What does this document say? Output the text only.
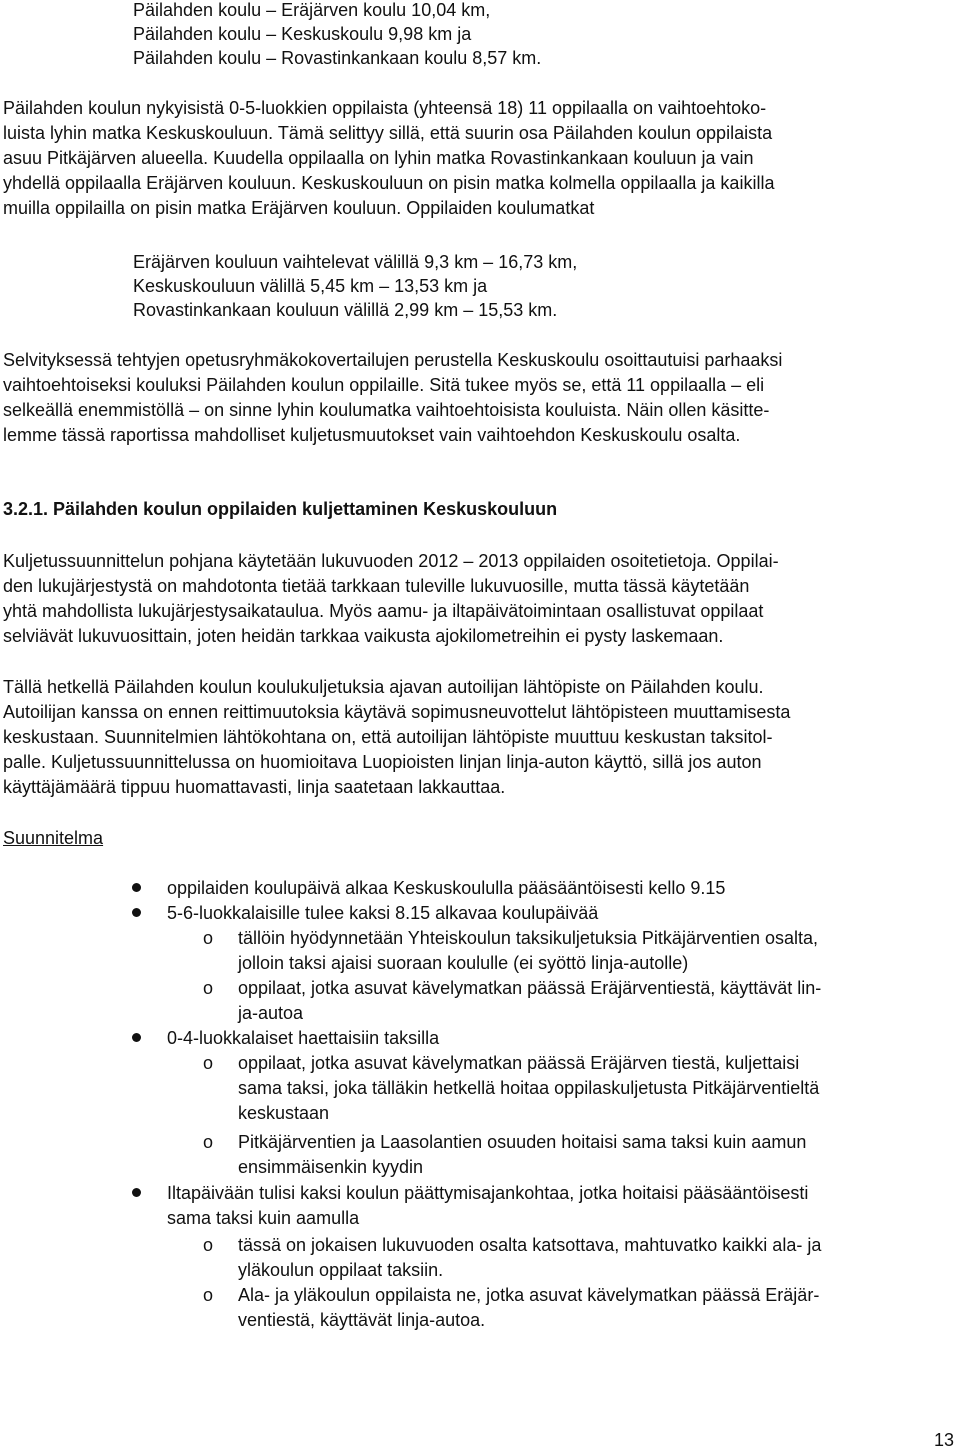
Päilahden koulu – Eräjärven koulu 10,04 km,
Päilahden koulu – Keskuskoulu 9,98 km ja
Päilahden koulu – Rovastinkankaan koulu 8,57 km.
Päilahden koulun nykyisistä 0-5-luokkien oppilaista (yhteensä 18) 11 oppilaalla on vaihtoehtoko-
luista lyhin matka Keskuskouluun. Tämä selittyy sillä, että suurin osa Päilahden koulun oppilaista
asuu Pitkäjärven alueella. Kuudella oppilaalla on lyhin matka Rovastinkankaan kouluun ja vain
yhdellä oppilaalla Eräjärven kouluun. Keskuskouluun on pisin matka kolmella oppilaalla ja kaikilla
muilla oppilailla on pisin matka Eräjärven kouluun. Oppilaiden koulumatkat
Eräjärven kouluun vaihtelevat välillä 9,3 km – 16,73 km,
Keskuskouluun välillä 5,45 km – 13,53 km ja
Rovastinkankaan kouluun välillä 2,99 km – 15,53 km.
Selvityksessä tehtyjen opetusryhmäkokovertailujen perustella Keskuskoulu osoittautuisi parhaaksi
vaihtoehtoiseksi kouluksi Päilahden koulun oppilaille. Sitä tukee myös se, että 11 oppilaalla – eli
selkeällä enemmistöllä – on sinne lyhin koulumatka vaihtoehtoisista kouluista. Näin ollen käsitte-
lemme tässä raportissa mahdolliset kuljetusmuutokset vain vaihtoehdon Keskuskoulu osalta.
3.2.1. Päilahden koulun oppilaiden kuljettaminen Keskuskouluun
Kuljetussuunnittelun pohjana käytetään lukuvuoden 2012 – 2013 oppilaiden osoitetietoja. Oppilai-
den lukujärjestystä on mahdotonta tietää tarkkaan tuleville lukuvuosille, mutta tässä käytetään
yhtä mahdollista lukujärjestysaikataulua. Myös aamu- ja iltapäivätoimintaan osallistuvat oppilaat
selviävät lukuvuosittain, joten heidän tarkkaa vaikusta ajokilometreihin ei pysty laskemaan.
Tällä hetkellä Päilahden koulun koulukuljetuksia ajavan autoilijan lähtöpiste on Päilahden koulu.
Autoilijan kanssa on ennen reittimuutoksia käytävä sopimusneuvottelut lähtöpisteen muuttamisesta
keskustaan. Suunnitelmien lähtökohtana on, että autoilijan lähtöpiste muuttuu keskustan taksitol-
palle. Kuljetussuunnittelussa on huomioitava Luopioisten linjan linja-auton käyttö, sillä jos auton
käyttäjämäärä tippuu huomattavasti, linja saatetaan lakkauttaa.
Suunnitelma
oppilaiden koulupäivä alkaa Keskuskoululla pääsääntöisesti kello 9.15
5-6-luokkalaisille tulee kaksi 8.15 alkavaa koulupäivää
o tällöin hyödynnetään Yhteiskoulun taksikuljetuksia Pitkäjärventien osalta,
jolloin taksi ajaisi suoraan koululle (ei syöttö linja-autolle)
o oppilaat, jotka asuvat kävelymatkan päässä Eräjärventiestä, käyttävät lin-
ja-autoa
0-4-luokkalaiset haettaisiin taksilla
o oppilaat, jotka asuvat kävelymatkan päässä Eräjärven tiestä, kuljettaisi
sama taksi, joka tälläkin hetkellä hoitaa oppilaskuljetusta Pitkäjärventieltä
keskustaan
o Pitkäjärventien ja Laasolantien osuuden hoitaisi sama taksi kuin aamun
ensimmäisenkin kyydin
Iltapäivään tulisi kaksi koulun päättymisajankohtaa, jotka hoitaisi pääsääntöisesti
sama taksi kuin aamulla
o tässä on jokaisen lukuvuoden osalta katsottava, mahtuvatko kaikki ala- ja
yläkoulun oppilaat taksiin.
o Ala- ja yläkoulun oppilaista ne, jotka asuvat kävelymatkan päässä Eräjär-
ventiestä, käyttävät linja-autoa.
13
